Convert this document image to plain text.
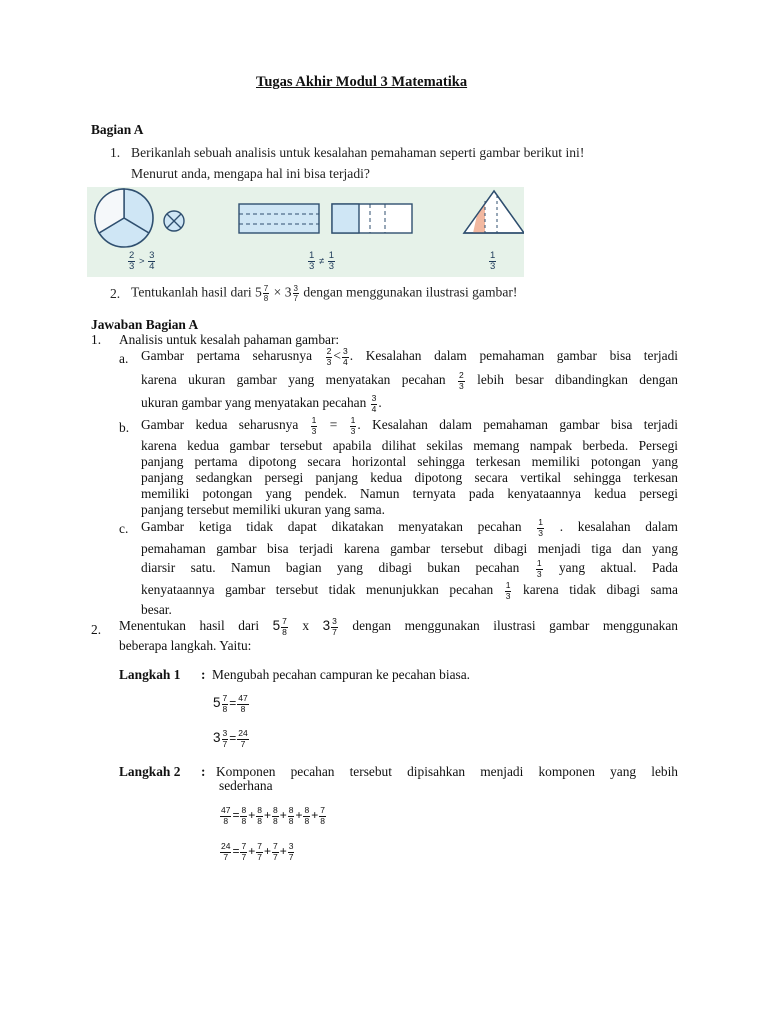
Tugas Akhir Modul 3 Matematika
Bagian A
1. Berikanlah sebuah analisis untuk kesalahan pemahaman seperti gambar berikut ini!
Menurut anda, mengapa hal ini bisa terjadi?
$\frac{2}{3} > \frac{3}{4}$	$\frac{1}{3} \ne \frac{1}{3}$	$\frac{1}{3}$
2. Tentukanlah hasil dari $5 \frac{7}{8} \times 3 \frac{3}{7}$ dengan menggunakan ilustrasi gambar!
Jawaban Bagian A
1. Analisis untuk kesalah pahaman gambar:
a. Gambar pertama seharusnya $\frac{2}{3} < \frac{3}{4}$ . Kesalahan dalam pemahaman gambar bisa terjadi
karena ukuran gambar yang menyatakan pecahan $\frac{2}{3}$ lebih besar dibandingkan dengan
ukuran gambar yang menyatakan pecahan $\frac{3}{4}$ .
b. Gambar kedua seharusnya $\frac{1}{3} = \frac{1}{3}$ . Kesalahan dalam pemahaman gambar bisa terjadi
karena kedua gambar tersebut apabila dilihat sekilas memang nampak berbeda. Persegi
panjang pertama dipotong secara horizontal sehingga terkesan memiliki potongan yang
panjang sedangkan persegi panjang kedua dipotong secara vertikal sehingga terkesan
memiliki potongan yang pendek. Namun ternyata pada kenyataannya kedua persegi
panjang tersebut memiliki ukuran yang sama.
c. Gambar ketiga tidak dapat dikatakan menyatakan pecahan $\frac{1}{3}$ . kesalahan dalam
pemahaman gambar bisa terjadi karena gambar tersebut dibagi menjadi tiga dan yang
diarsir satu. Namun bagian yang dibagi bukan pecahan $\frac{1}{3}$ yang aktual. Pada
kenyataannya gambar tersebut tidak menunjukkan pecahan $\frac{1}{3}$ karena tidak dibagi sama
besar.
2. Menentukan hasil dari $5 \frac{7}{8}$ x $3 \frac{3}{7}$ dengan menggunakan ilustrasi gambar menggunakan
beberapa langkah. Yaitu:
Langkah 1 : Mengubah pecahan campuran ke pecahan biasa.
$5 \frac{7}{8} = \frac{47}{8}$
$3 \frac{3}{7} = \frac{24}{7}$
Langkah 2 : Komponen pecahan tersebut dipisahkan menjadi komponen yang lebih
sederhana
$\frac{47}{8} = \frac{8}{8} + \frac{8}{8} + \frac{8}{8} + \frac{8}{8} + \frac{8}{8} + \frac{7}{8}$
$\frac{24}{7} = \frac{7}{7} + \frac{7}{7} + \frac{7}{7} + \frac{3}{7}$
